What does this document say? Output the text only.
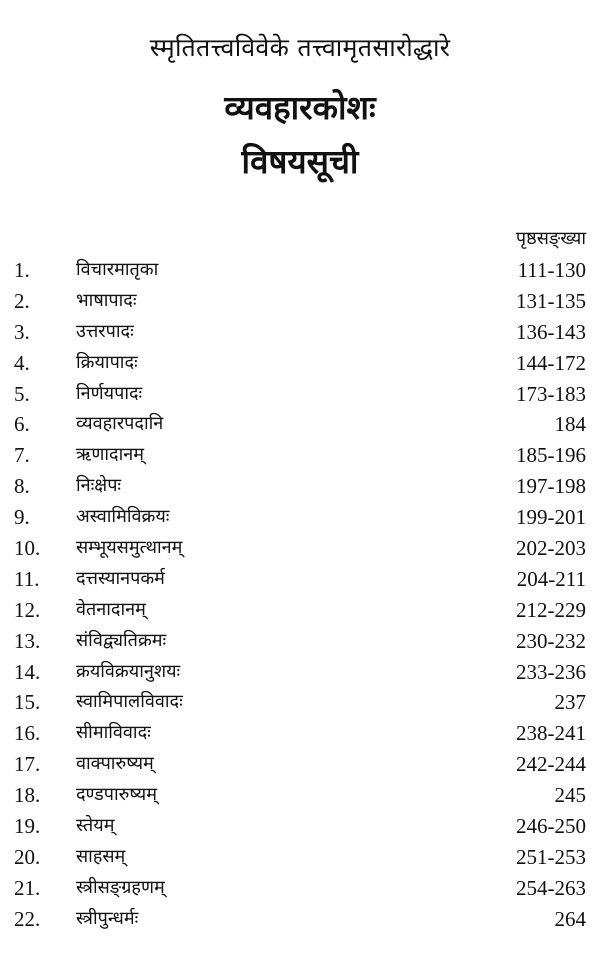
स्मृतितत्त्वविवेके तत्त्वामृतसारोद्धारे
व्यवहारकोशः
विषयसूची
पृष्ठसङ्ख्या
1.	विचारमातृका	111-130
2.	भाषापादः	131-135
3.	उत्तरपादः	136-143
4.	क्रियापादः	144-172
5.	निर्णयपादः	173-183
6.	व्यवहारपदानि	184
7.	ऋणादानम्	185-196
8.	निःक्षेपः	197-198
9.	अस्वामिविक्रयः	199-201
10. सम्भूयसमुत्थानम्	202-203
11. दत्तस्यानपकर्म	204-211
12. वेतनादानम्	212-229
13. संविद्व्यतिक्रमः	230-232
14. क्रयविक्रयानुशयः	233-236
15. स्वामिपालविवादः	237
16. सीमाविवादः	238-241
17. वाक्पारुष्यम्	242-244
18. दण्डपारुष्यम्	245
19. स्तेयम्	246-250
20. साहसम्	251-253
21. स्त्रीसङ्ग्रहणम्	254-263
22. स्त्रीपुन्धर्मः	264
